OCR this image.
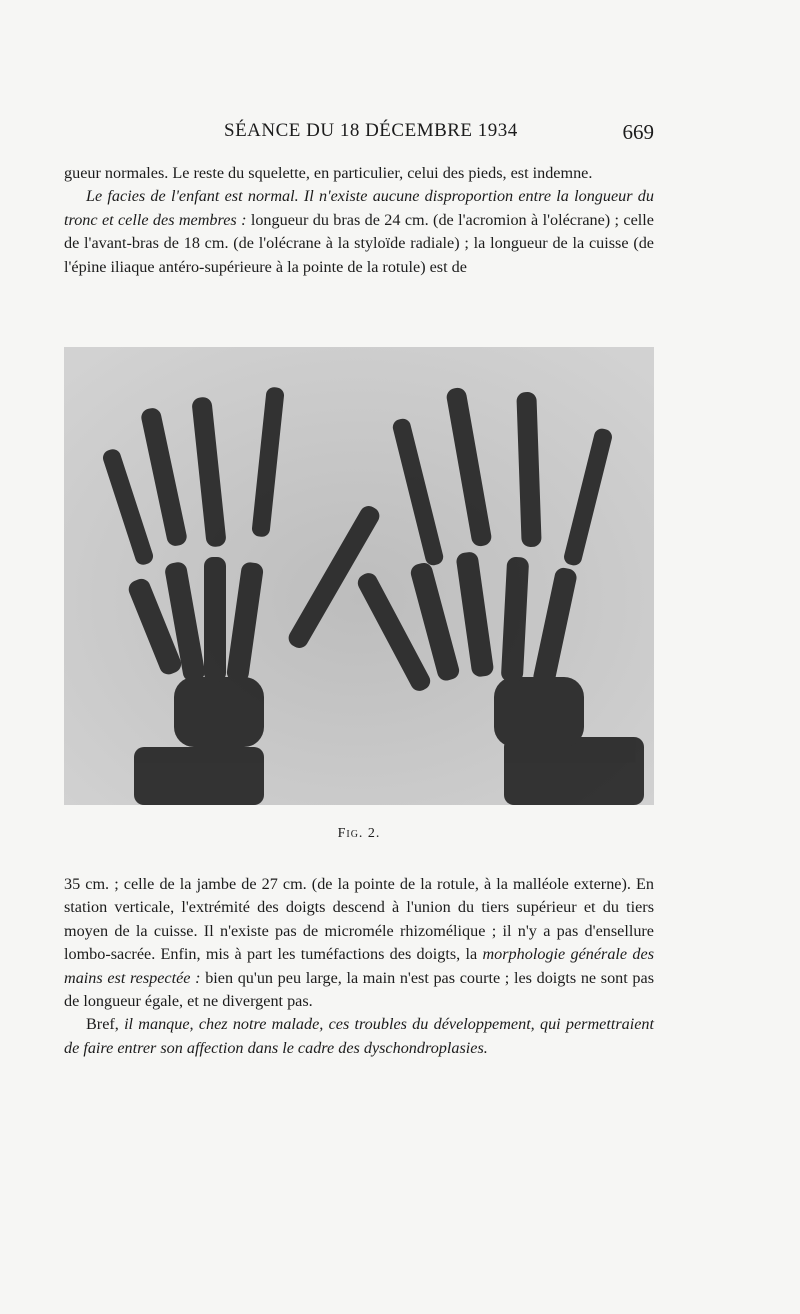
SÉANCE DU 18 DÉCEMBRE 1934	669

gueur normales. Le reste du squelette, en particulier, celui des pieds, est indemne.

Le facies de l'enfant est normal. Il n'existe aucune disproportion entre la longueur du tronc et celle des membres : longueur du bras de 24 cm. (de l'acromion à l'olécrane) ; celle de l'avant-bras de 18 cm. (de l'olécrane à la styloïde radiale) ; la longueur de la cuisse (de l'épine iliaque antéro-supérieure à la pointe de la rotule) est de

Fig. 2.

35 cm. ; celle de la jambe de 27 cm. (de la pointe de la rotule, à la malléole externe). En station verticale, l'extrémité des doigts descend à l'union du tiers supérieur et du tiers moyen de la cuisse. Il n'existe pas de microméle rhizomélique ; il n'y a pas d'ensellure lombo-sacrée. Enfin, mis à part les tuméfactions des doigts, la morphologie générale des mains est respectée : bien qu'un peu large, la main n'est pas courte ; les doigts ne sont pas de longueur égale, et ne divergent pas.

Bref, il manque, chez notre malade, ces troubles du développement, qui permettraient de faire entrer son affection dans le cadre des dyschondroplasies.
